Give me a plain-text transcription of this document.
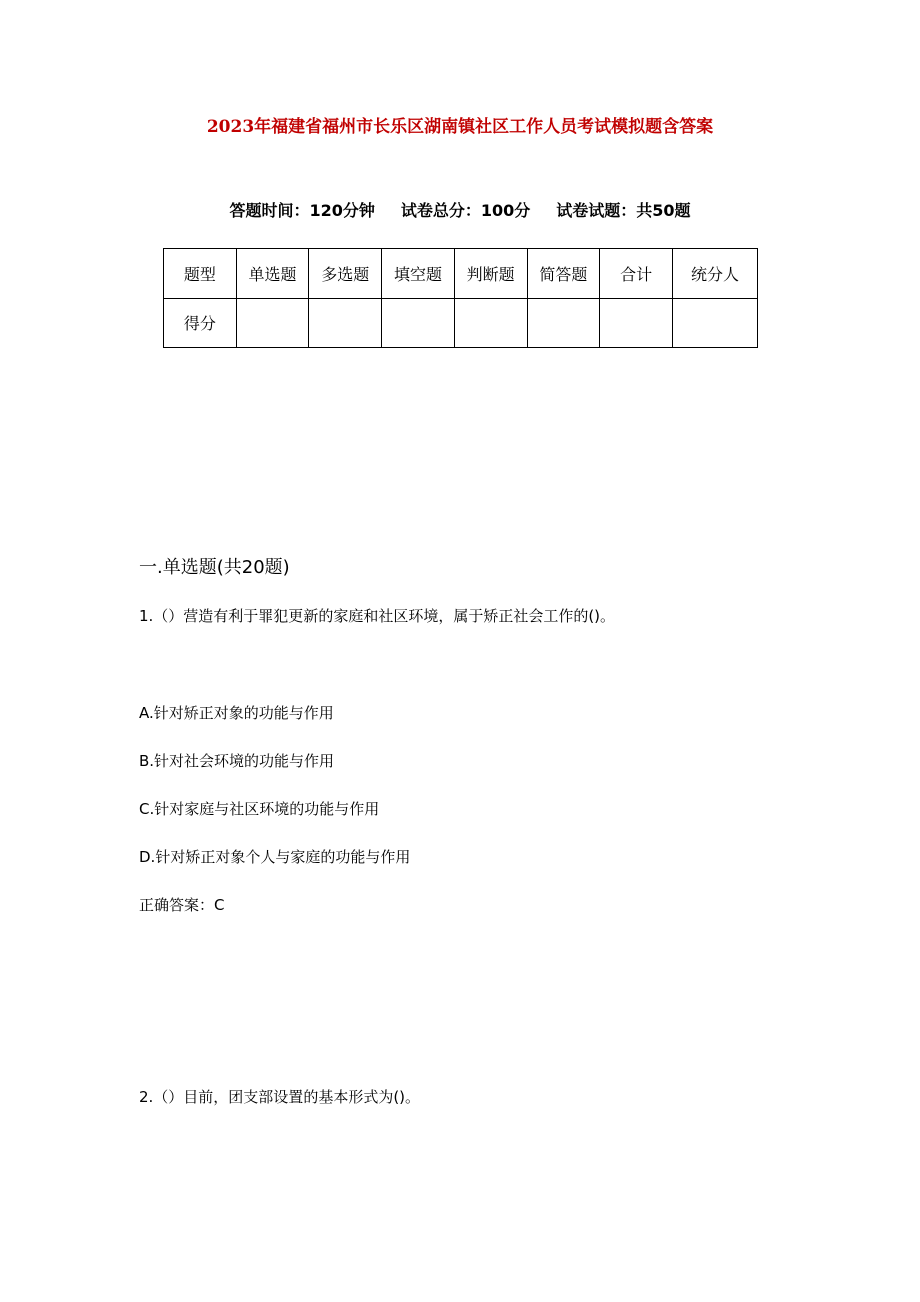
2023年福建省福州市长乐区湖南镇社区工作人员考试模拟题含答案
答题时间：120分钟 试卷总分：100分 试卷试题：共50题
题型	单选题	多选题	填空题	判断题	简答题	合计	统分人
得分							
一.单选题(共20题)
1.（）营造有利于罪犯更新的家庭和社区环境，属于矫正社会工作的()。
A.针对矫正对象的功能与作用
B.针对社会环境的功能与作用
C.针对家庭与社区环境的功能与作用
D.针对矫正对象个人与家庭的功能与作用
正确答案：C
2.（）目前，团支部设置的基本形式为()。
